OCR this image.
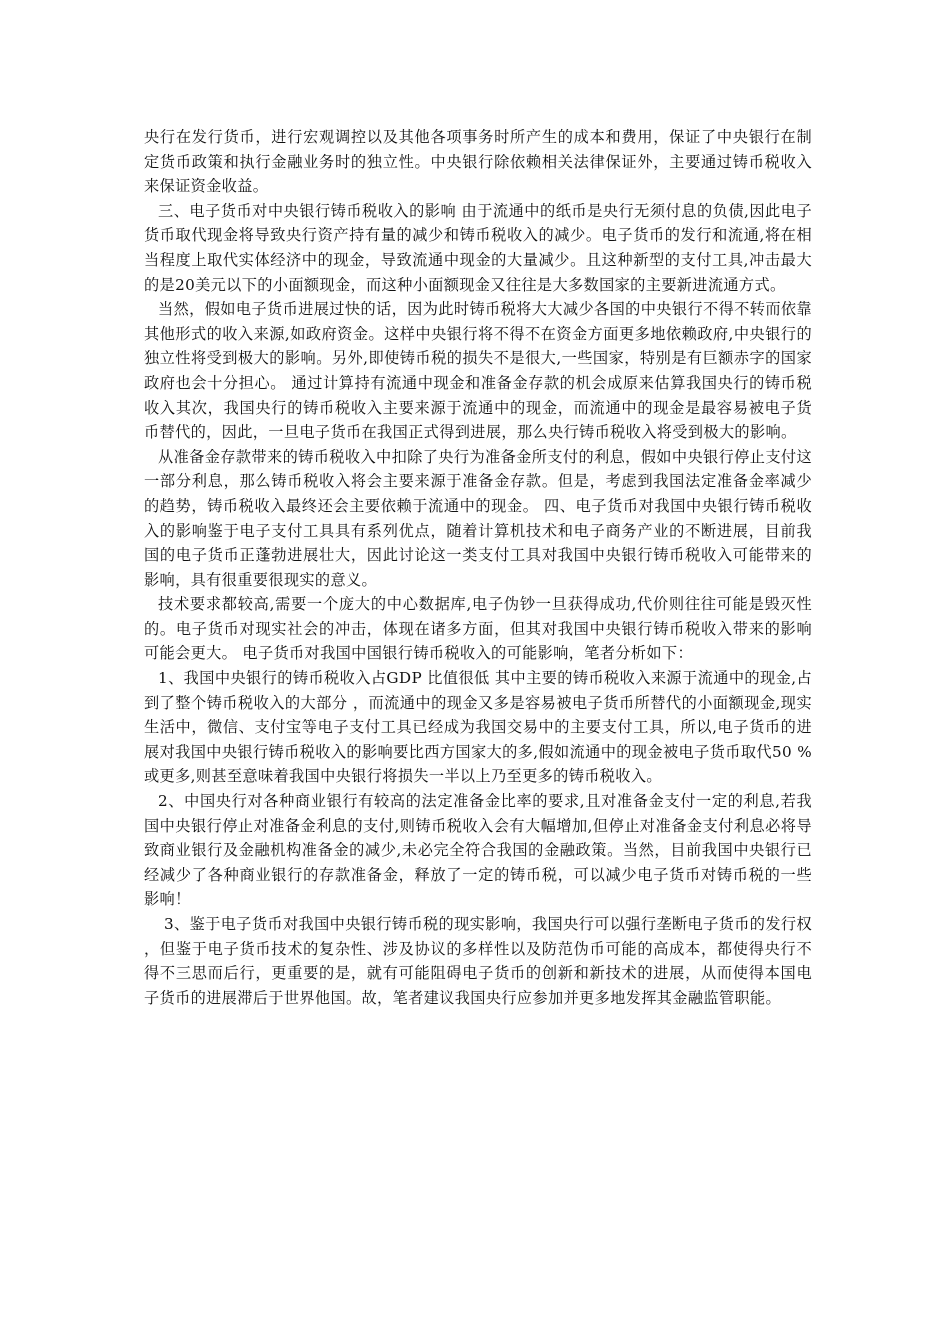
央行在发行货币，进行宏观调控以及其他各项事务时所产生的成本和费用，保证了中央银行在制定货币政策和执行金融业务时的独立性。中央银行除依赖相关法律保证外，主要通过铸币税收入来保证资金收益。

三、电子货币对中央银行铸币税收入的影响 由于流通中的纸币是央行无须付息的负债,因此电子货币取代现金将导致央行资产持有量的减少和铸币税收入的减少。电子货币的发行和流通,将在相当程度上取代实体经济中的现金，导致流通中现金的大量减少。且这种新型的支付工具,冲击最大的是20美元以下的小面额现金，而这种小面额现金又往往是大多数国家的主要新进流通方式。

当然，假如电子货币进展过快的话，因为此时铸币税将大大减少各国的中央银行不得不转而依靠其他形式的收入来源,如政府资金。这样中央银行将不得不在资金方面更多地依赖政府,中央银行的独立性将受到极大的影响。另外,即使铸币税的损失不是很大,一些国家，特别是有巨额赤字的国家政府也会十分担心。 通过计算持有流通中现金和准备金存款的机会成原来估算我国央行的铸币税收入其次，我国央行的铸币税收入主要来源于流通中的现金，而流通中的现金是最容易被电子货币替代的，因此，一旦电子货币在我国正式得到进展，那么央行铸币税收入将受到极大的影响。

从准备金存款带来的铸币税收入中扣除了央行为准备金所支付的利息，假如中央银行停止支付这一部分利息，那么铸币税收入将会主要来源于准备金存款。但是，考虑到我国法定准备金率减少的趋势，铸币税收入最终还会主要依赖于流通中的现金。 四、电子货币对我国中央银行铸币税收入的影响鉴于电子支付工具具有系列优点，随着计算机技术和电子商务产业的不断进展，目前我国的电子货币正蓬勃进展壮大，因此讨论这一类支付工具对我国中央银行铸币税收入可能带来的影响，具有很重要很现实的意义。

技术要求都较高,需要一个庞大的中心数据库,电子伪钞一旦获得成功,代价则往往可能是毁灭性的。电子货币对现实社会的冲击，体现在诸多方面，但其对我国中央银行铸币税收入带来的影响可能会更大。 电子货币对我国中国银行铸币税收入的可能影响，笔者分析如下：

1、我国中央银行的铸币税收入占GDP 比值很低 其中主要的铸币税收入来源于流通中的现金,占到了整个铸币税收入的大部分 ，而流通中的现金又多是容易被电子货币所替代的小面额现金,现实生活中，微信、支付宝等电子支付工具已经成为我国交易中的主要支付工具，所以,电子货币的进展对我国中央银行铸币税收入的影响要比西方国家大的多,假如流通中的现金被电子货币取代50 % 或更多,则甚至意味着我国中央银行将损失一半以上乃至更多的铸币税收入。

2、中国央行对各种商业银行有较高的法定准备金比率的要求,且对准备金支付一定的利息,若我国中央银行停止对准备金利息的支付,则铸币税收入会有大幅增加,但停止对准备金支付利息必将导致商业银行及金融机构准备金的减少,未必完全符合我国的金融政策。当然，目前我国中央银行已经减少了各种商业银行的存款准备金，释放了一定的铸币税，可以减少电子货币对铸币税的一些影响！

3、鉴于电子货币对我国中央银行铸币税的现实影响，我国央行可以强行垄断电子货币的发行权 ，但鉴于电子货币技术的复杂性、涉及协议的多样性以及防范伪币可能的高成本，都使得央行不得不三思而后行，更重要的是，就有可能阻碍电子货币的创新和新技术的进展，从而使得本国电子货币的进展滞后于世界他国。故，笔者建议我国央行应参加并更多地发挥其金融监管职能。
